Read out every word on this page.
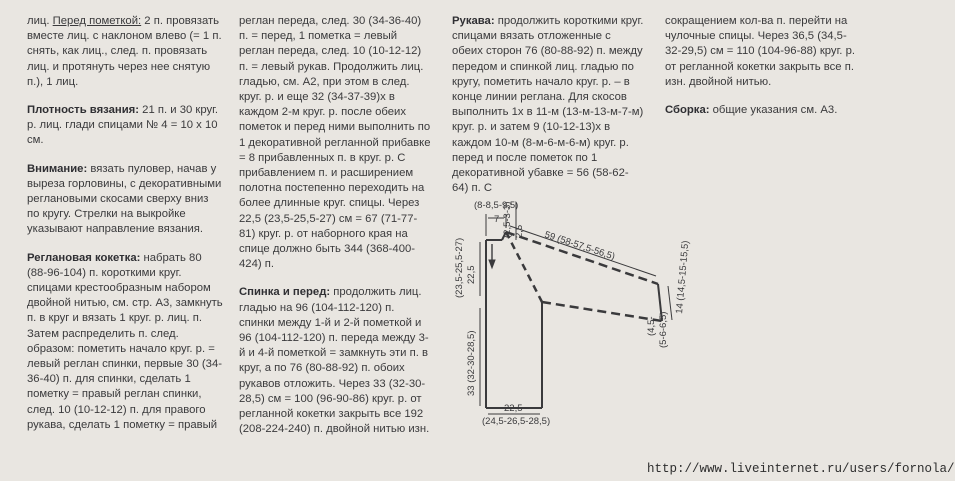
лиц. Перед пометкой: 2 п. провязать вместе лиц. с наклоном влево (= 1 п. снять, как лиц., след. п. провязать лиц. и протянуть через нее снятую п.), 1 лиц.

Плотность вязания: 21 п. и 30 круг. р. лиц. глади спицами № 4 = 10 х 10 см.

Внимание: вязать пуловер, начав у выреза горловины, с декоративными реглановыми скосами сверху вниз по кругу. Стрелки на выкройке указывают направление вязания.

Реглановая кокетка: набрать 80 (88-96-104) п. короткими круг. спицами крестообразным набором двойной нитью, см. стр. А3, замкнуть п. в круг и вязать 1 круг. р. лиц. п. Затем распределить п. след. образом: пометить начало круг. р. = левый реглан спинки, первые 30 (34-36-40) п. для спинки, сделать 1 пометку = правый реглан спинки, след. 10 (10-12-12) п. для правого рукава, сделать 1 пометку = правый

реглан переда, след. 30 (34-36-40) п. = перед, 1 пометка = левый реглан переда, след. 10 (10-12-12) п. = левый рукав. Продолжить лиц. гладью, см. А2, при этом в след. круг. р. и еще 32 (34-37-39)х в каждом 2-м круг. р. после обеих пометок и перед ними выполнить по 1 декоративной регланной прибавке = 8 прибавленных п. в круг. р. С прибавлением п. и расширением полотна постепенно переходить на более длинные круг. спицы. Через 22,5 (23,5-25,5-27) см = 67 (71-77-81) круг. р. от наборного края на спице должно быть 344 (368-400-424) п.

Спинка и перед: продолжить лиц. гладью на 96 (104-112-120) п. спинки между 1-й и 2-й пометкой и 96 (104-112-120) п. переда между 3-й и 4-й пометкой = замкнуть эти п. в круг, а по 76 (80-88-92) п. обоих рукавов отложить. Через 33 (32-30-28,5) см = 100 (96-90-86) круг. р. от регланной кокетки закрыть все 192 (208-224-240) п. двойной нитью изн.

Рукава: продолжить короткими круг. спицами вязать отложенные с обеих сторон 76 (80-88-92) п. между передом и спинкой лиц. гладью по кругу, пометить начало круг. р. – в конце линии реглана. Для скосов выполнить 1х в 11-м (13-м-13-м-7-м) круг. р. и затем 9 (10-12-13)х в каждом 10-м (8-м-6-м-6-м) круг. р. перед и после пометок по 1 декоративной убавке = 56 (58-62-64) п. С

сокращением кол-ва п. перейти на чулочные спицы. Через 36,5 (34,5-32-29,5) см = 110 (104-96-88) круг. р. от регланной кокетки закрыть все п. изн. двойной нитью.

Сборка: общие указания см. А3.

(8-8,5-9,5)
7 (2,5-3-3) 2,5
(23,5-25,5-27) 22,5
59 (58-57,5-56,5)
33 (32-30-28,5)
22,5
(24,5-26,5-28,5)
(4,5- (5-6-6,5)
14 (14,5-15-15,5)
http://www.liveinternet.ru/users/fornola/
